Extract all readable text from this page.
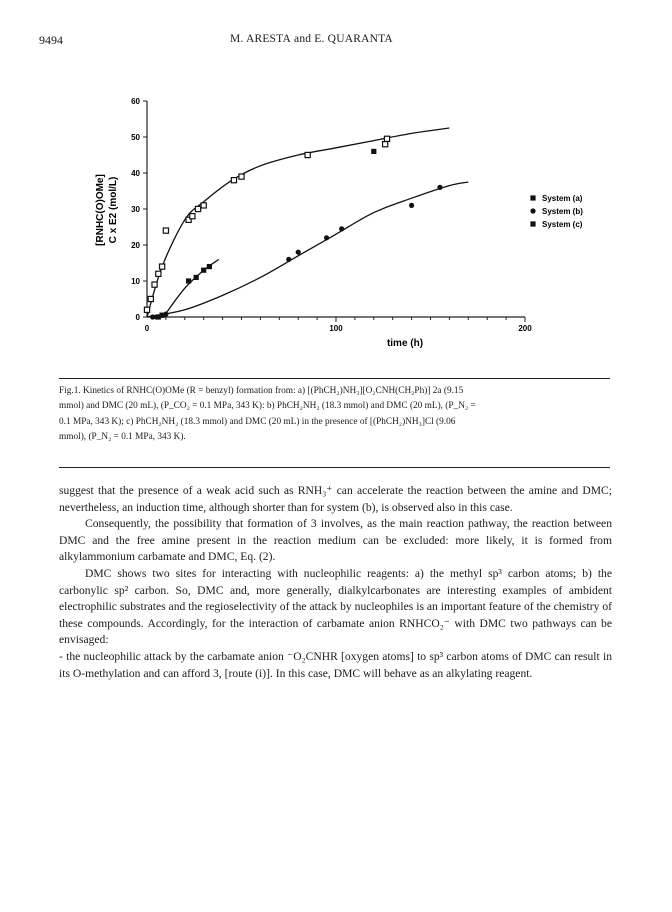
9494	M. ARESTA and E. QUARANTA
0
10
20
30
40
50
60
0	100	200
System (a)
System (b)
System (c)
[RNHC(O)OMe] C x E2 (mol/L)
time (h)

Fig.1. Kinetics of RNHC(O)OMe (R = benzyl) formation from: a) [(PhCH₂)NH₃][O₂CNH(CH₂Ph)] 2a (9.15

mmol) and DMC (20 mL), (P_CO₂ = 0.1 MPa, 343 K): b) PhCH₂NH₂ (18.3 mmol) and DMC (20 mL), (P_N₂ =

0.1 MPa, 343 K); c) PhCH₂NH₂ (18.3 mmol) and DMC (20 mL) in the presence of [(PhCH₂)NH₃]Cl (9.06

mmol), (P_N₂ = 0.1 MPa, 343 K).

suggest that the presence of a weak acid such as RNH₃⁺ can accelerate the reaction between the amine and DMC; nevertheless, an induction time, although shorter than for system (b), is observed also in this case.

Consequently, the possibility that formation of 3 involves, as the main reaction pathway, the reaction between DMC and the free amine present in the reaction medium can be excluded: more likely, it is formed from alkylammonium carbamate and DMC, Eq. (2).

DMC shows two sites for interacting with nucleophilic reagents: a) the methyl sp³ carbon atoms; b) the carbonylic sp² carbon. So, DMC and, more generally, dialkylcarbonates are interesting examples of ambident electrophilic substrates and the regioselectivity of the attack by nucleophiles is an important feature of the chemistry of these compounds. Accordingly, for the interaction of carbamate anion RNHCO₂⁻ with DMC two pathways can be envisaged:

- the nucleophilic attack by the carbamate anion ⁻O₂CNHR [oxygen atoms] to sp³ carbon atoms of DMC can result in its O-methylation and can afford 3, [route (i)]. In this case, DMC will behave as an alkylating reagent.
